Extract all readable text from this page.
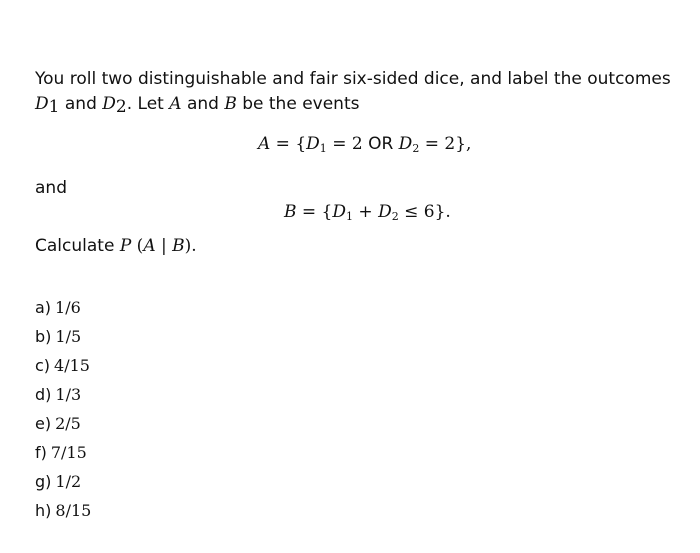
You roll two distinguishable and fair six-sided dice, and label the outcomes $D_1$ and $D_2$. Let A and B be the events

$A = \{D_1 = 2$ OR $D_2 = 2$},
and
$B = \{D_1 + D_2 \le 6\}$.
Calculate P (A | B).
a) 1/6
b) 1/5
c) 4/15
d) 1/3
e) 2/5
f) 7/15
g) 1/2
h) 8/15
